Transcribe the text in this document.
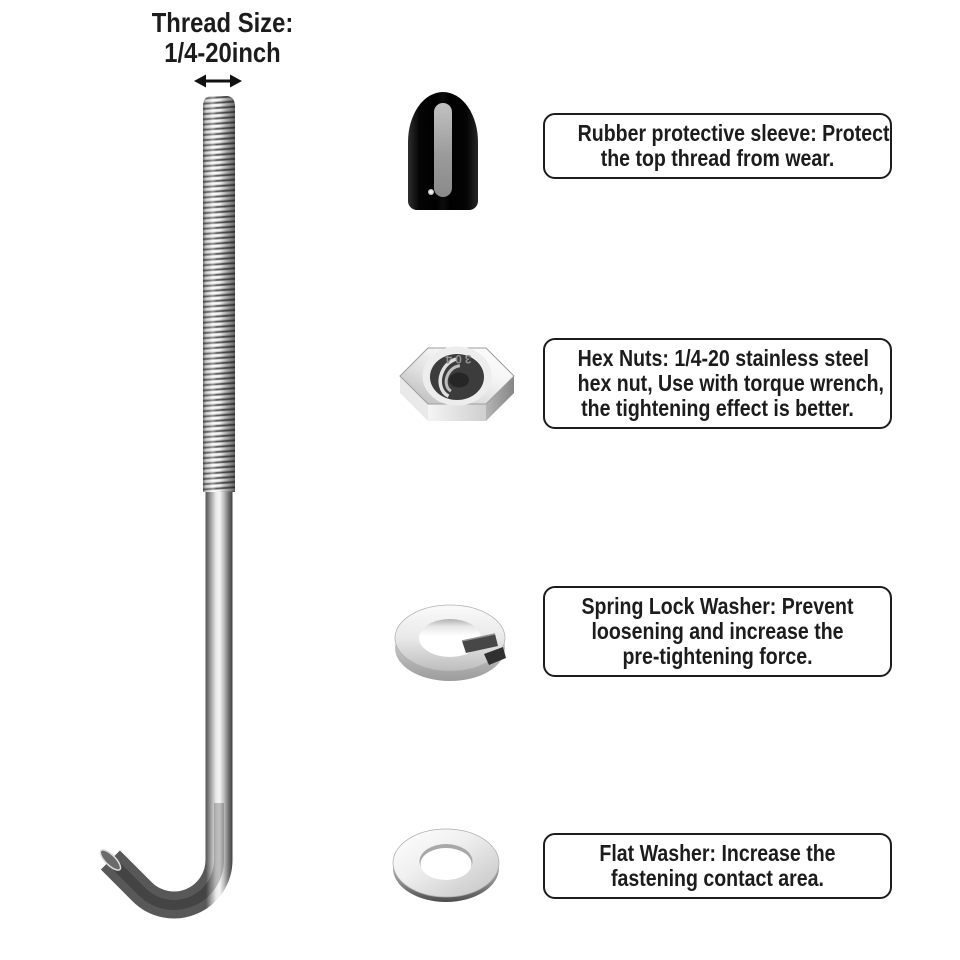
Thread Size:
1/4-20inch
304
Rubber protective sleeve: Protect
the top thread from wear.
Hex Nuts: 1/4-20 stainless steel
hex nut, Use with torque wrench,
the tightening effect is better.
Spring Lock Washer: Prevent
loosening and increase the
pre-tightening force.
Flat Washer: Increase the
fastening contact area.
